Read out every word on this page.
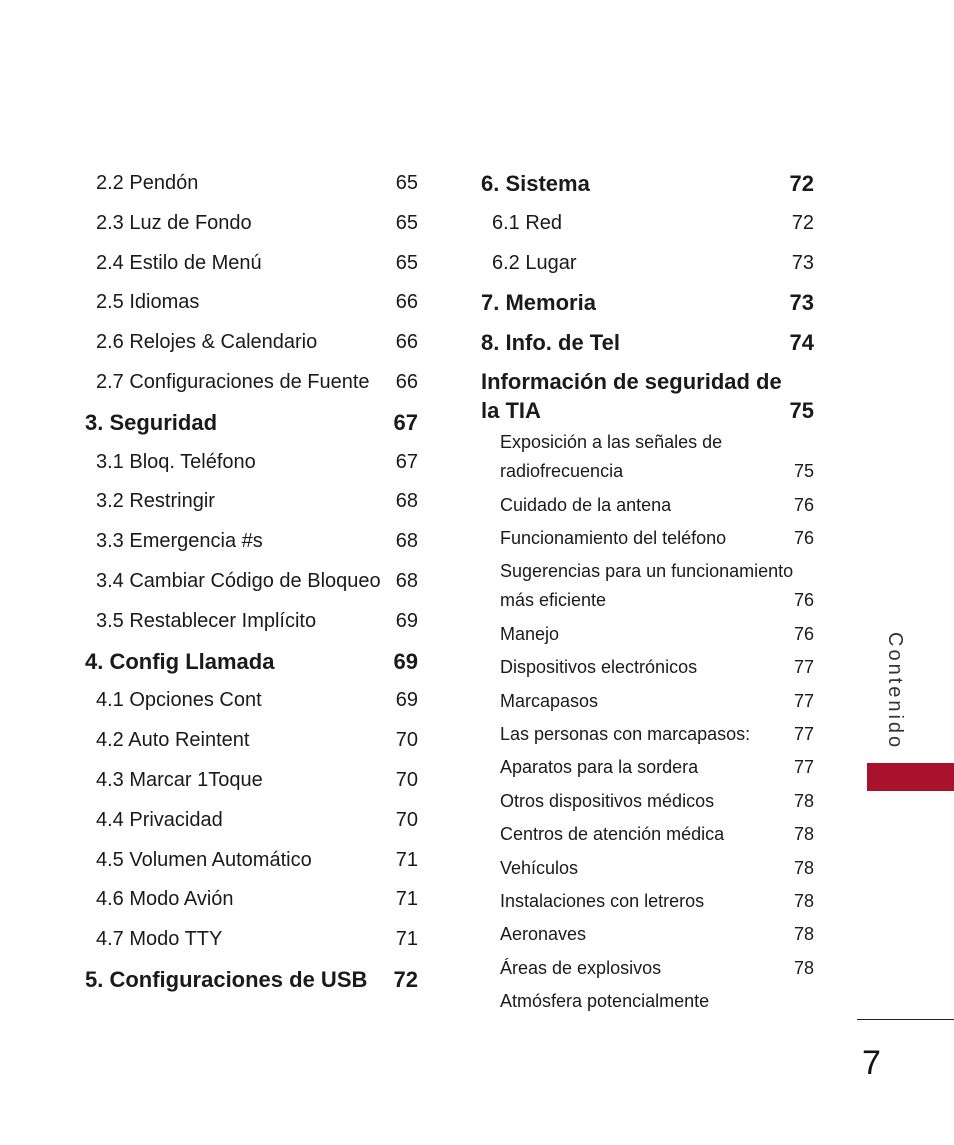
2.2 Pendón	65
2.3 Luz de Fondo	65
2.4 Estilo de Menú	65
2.5 Idiomas	66
2.6 Relojes & Calendario	66
2.7 Configuraciones de Fuente 66
3. Seguridad	67
3.1 Bloq. Teléfono	67
3.2 Restringir	68
3.3 Emergencia #s	68
3.4 Cambiar Código de Bloqueo 68
3.5 Restablecer Implícito	69
4. Config Llamada	69
4.1 Opciones Cont	69
4.2 Auto Reintent	70
4.3 Marcar 1Toque	70
4.4 Privacidad	70
4.5 Volumen Automático	71
4.6 Modo Avión	71
4.7 Modo TTY	71
5. Configuraciones de USB 72
6. Sistema	72
6.1 Red	72
6.2 Lugar	73
7. Memoria	73
8. Info. de Tel	74
Información de seguridad de
la TIA	75
Exposición a las señales de
radiofrecuencia	75
Cuidado de la antena	76
Funcionamiento del teléfono	76
Sugerencias para un funcionamiento
más eficiente	76
Manejo	76
Dispositivos electrónicos	77
Marcapasos	77
Las personas con marcapasos: 77
Aparatos para la sordera	77
Otros dispositivos médicos	78
Centros de atención médica	78
Vehículos	78
Instalaciones con letreros	78
Aeronaves	78
Áreas de explosivos	78
Atmósfera potencialmente
Contenido
7
